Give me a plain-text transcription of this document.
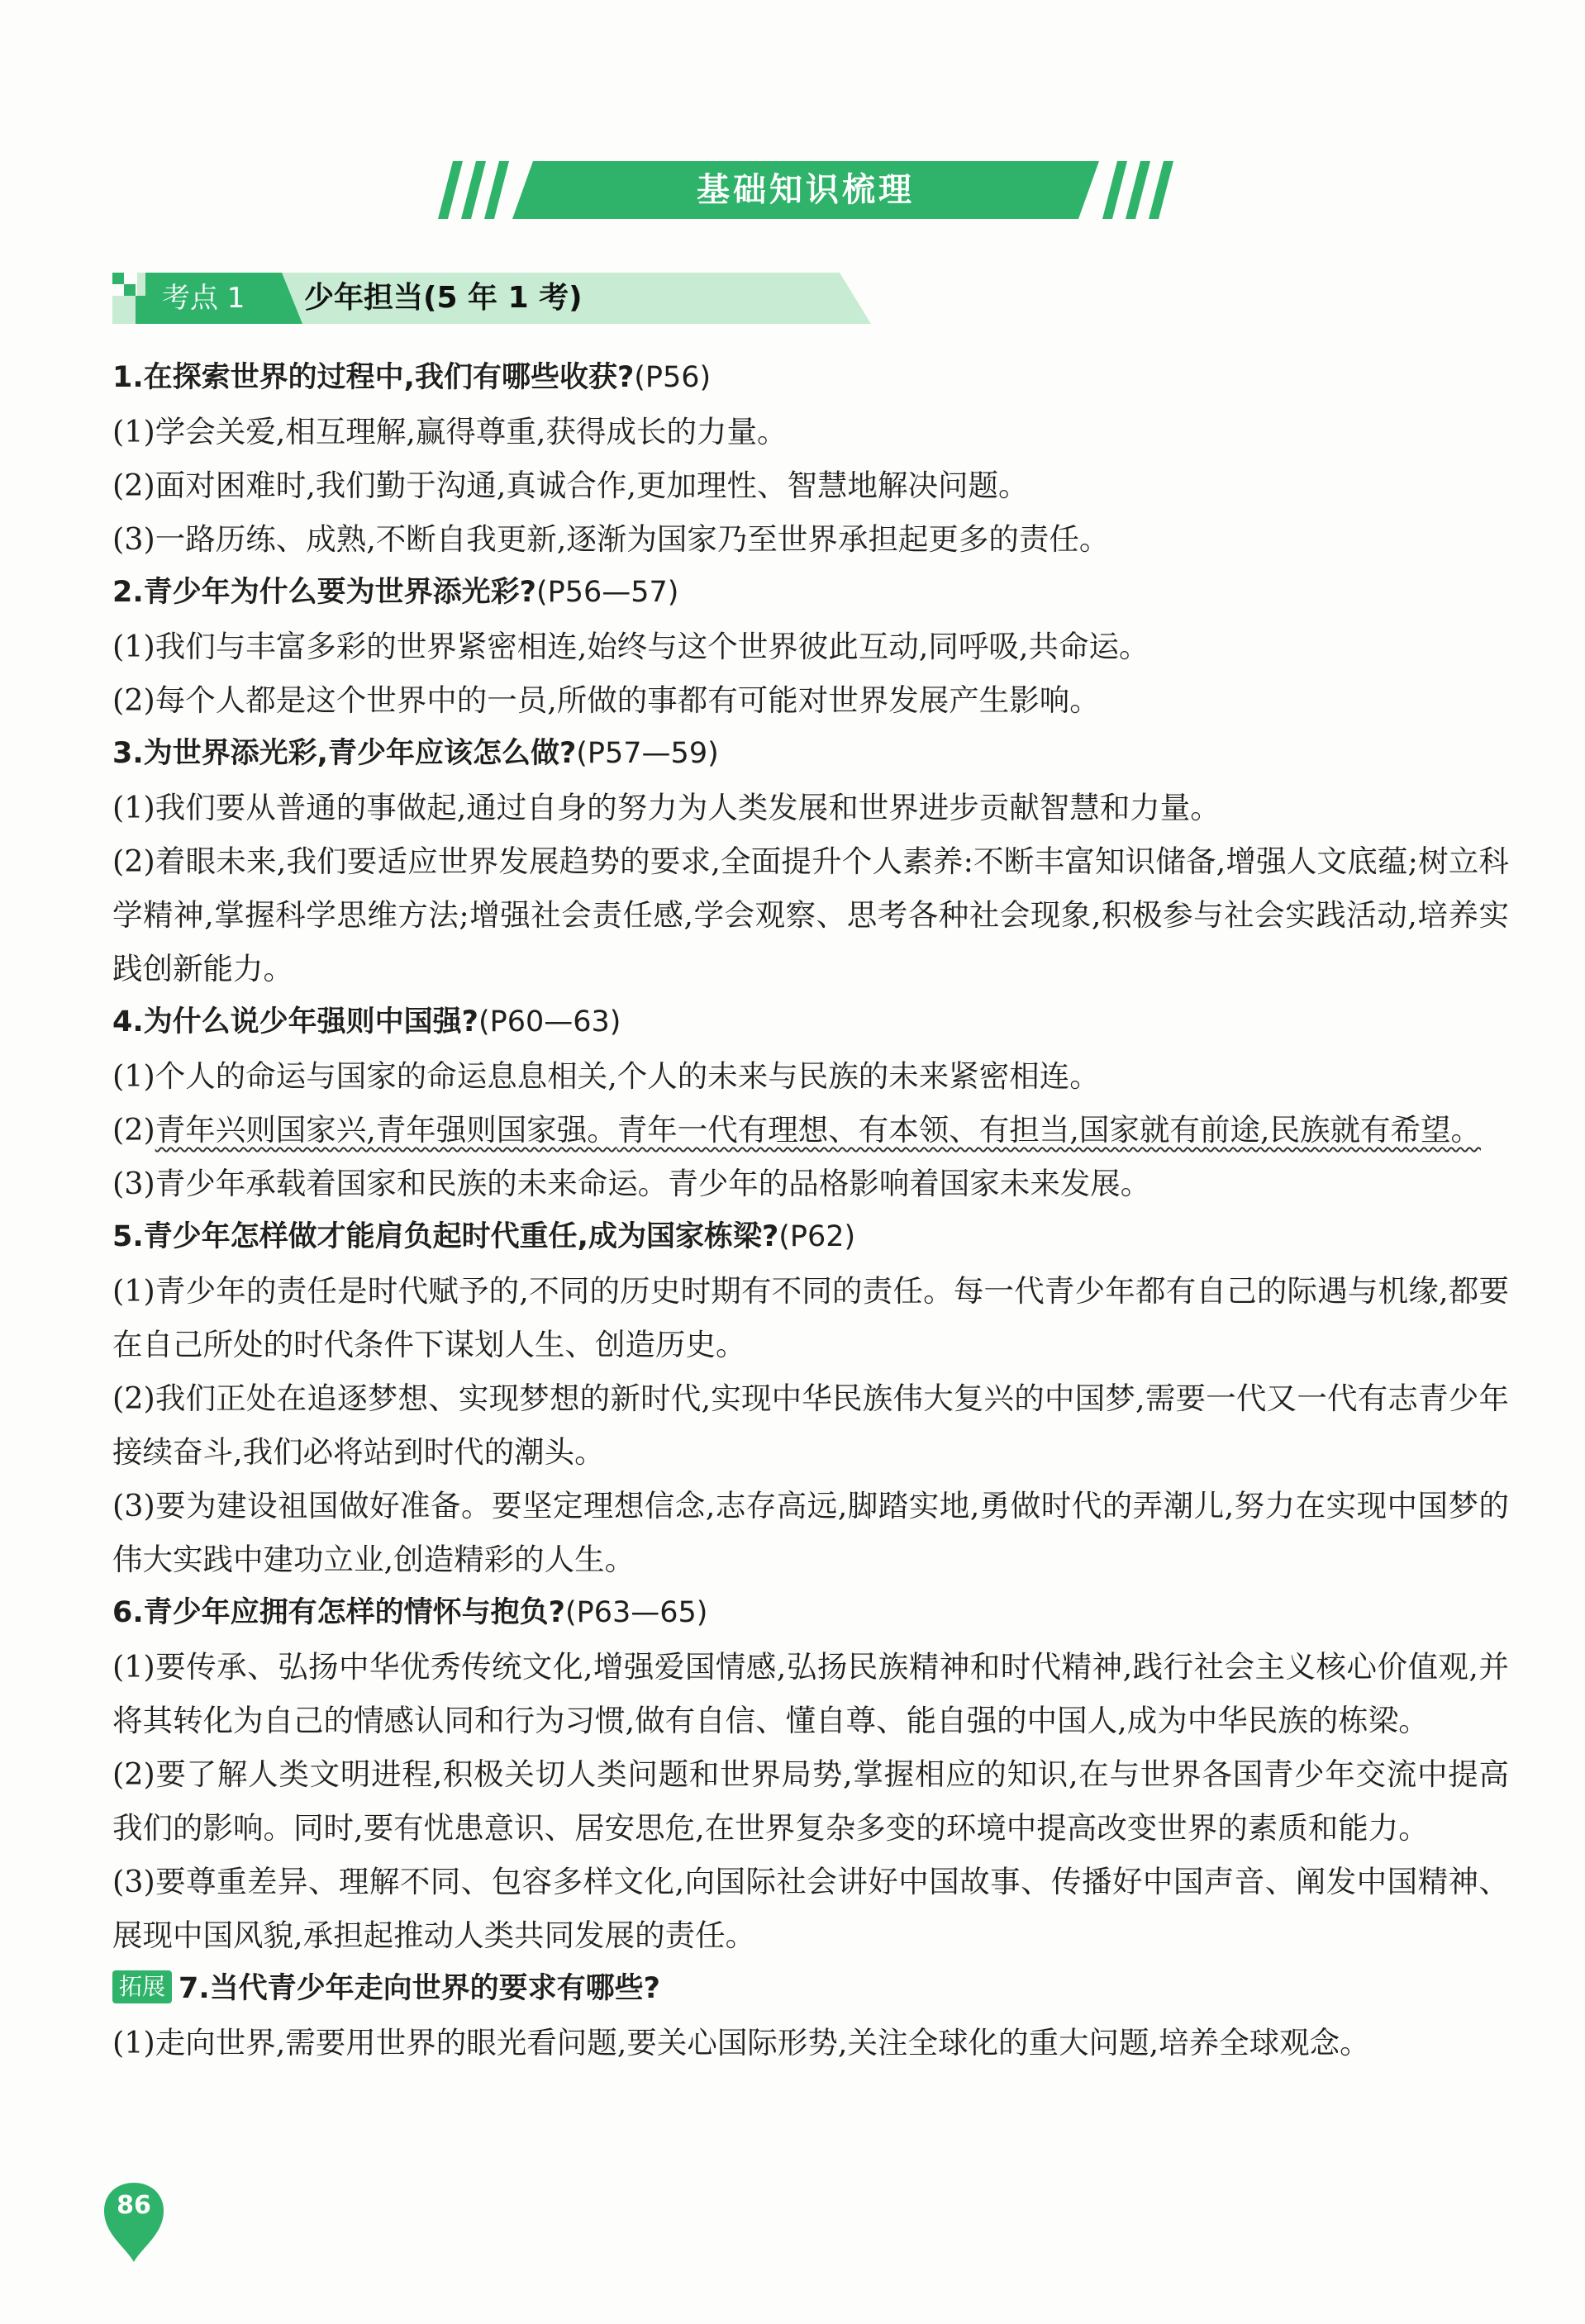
基础知识梳理
考点 1 少年担当(5 年 1 考)

1.在探索世界的过程中,我们有哪些收获?(P56)

(1)学会关爱,相互理解,赢得尊重,获得成长的力量。

(2)面对困难时,我们勤于沟通,真诚合作,更加理性、智慧地解决问题。

(3)一路历练、成熟,不断自我更新,逐渐为国家乃至世界承担起更多的责任。

2.青少年为什么要为世界添光彩?(P56—57)

(1)我们与丰富多彩的世界紧密相连,始终与这个世界彼此互动,同呼吸,共命运。

(2)每个人都是这个世界中的一员,所做的事都有可能对世界发展产生影响。

3.为世界添光彩,青少年应该怎么做?(P57—59)

(1)我们要从普通的事做起,通过自身的努力为人类发展和世界进步贡献智慧和力量。

(2)着眼未来,我们要适应世界发展趋势的要求,全面提升个人素养:不断丰富知识储备,增强人文底蕴;树立科学精神,掌握科学思维方法;增强社会责任感,学会观察、思考各种社会现象,积极参与社会实践活动,培养实践创新能力。

4.为什么说少年强则中国强?(P60—63)

(1)个人的命运与国家的命运息息相关,个人的未来与民族的未来紧密相连。

(2)青年兴则国家兴,青年强则国家强。青年一代有理想、有本领、有担当,国家就有前途,民族就有希望。

(3)青少年承载着国家和民族的未来命运。青少年的品格影响着国家未来发展。

5.青少年怎样做才能肩负起时代重任,成为国家栋梁?(P62)

(1)青少年的责任是时代赋予的,不同的历史时期有不同的责任。每一代青少年都有自己的际遇与机缘,都要在自己所处的时代条件下谋划人生、创造历史。

(2)我们正处在追逐梦想、实现梦想的新时代,实现中华民族伟大复兴的中国梦,需要一代又一代有志青少年接续奋斗,我们必将站到时代的潮头。

(3)要为建设祖国做好准备。要坚定理想信念,志存高远,脚踏实地,勇做时代的弄潮儿,努力在实现中国梦的伟大实践中建功立业,创造精彩的人生。

6.青少年应拥有怎样的情怀与抱负?(P63—65)

(1)要传承、弘扬中华优秀传统文化,增强爱国情感,弘扬民族精神和时代精神,践行社会主义核心价值观,并将其转化为自己的情感认同和行为习惯,做有自信、懂自尊、能自强的中国人,成为中华民族的栋梁。

(2)要了解人类文明进程,积极关切人类问题和世界局势,掌握相应的知识,在与世界各国青少年交流中提高我们的影响。同时,要有忧患意识、居安思危,在世界复杂多变的环境中提高改变世界的素质和能力。

(3)要尊重差异、理解不同、包容多样文化,向国际社会讲好中国故事、传播好中国声音、阐发中国精神、展现中国风貌,承担起推动人类共同发展的责任。

拓展 7.当代青少年走向世界的要求有哪些?

(1)走向世界,需要用世界的眼光看问题,要关心国际形势,关注全球化的重大问题,培养全球观念。

86
